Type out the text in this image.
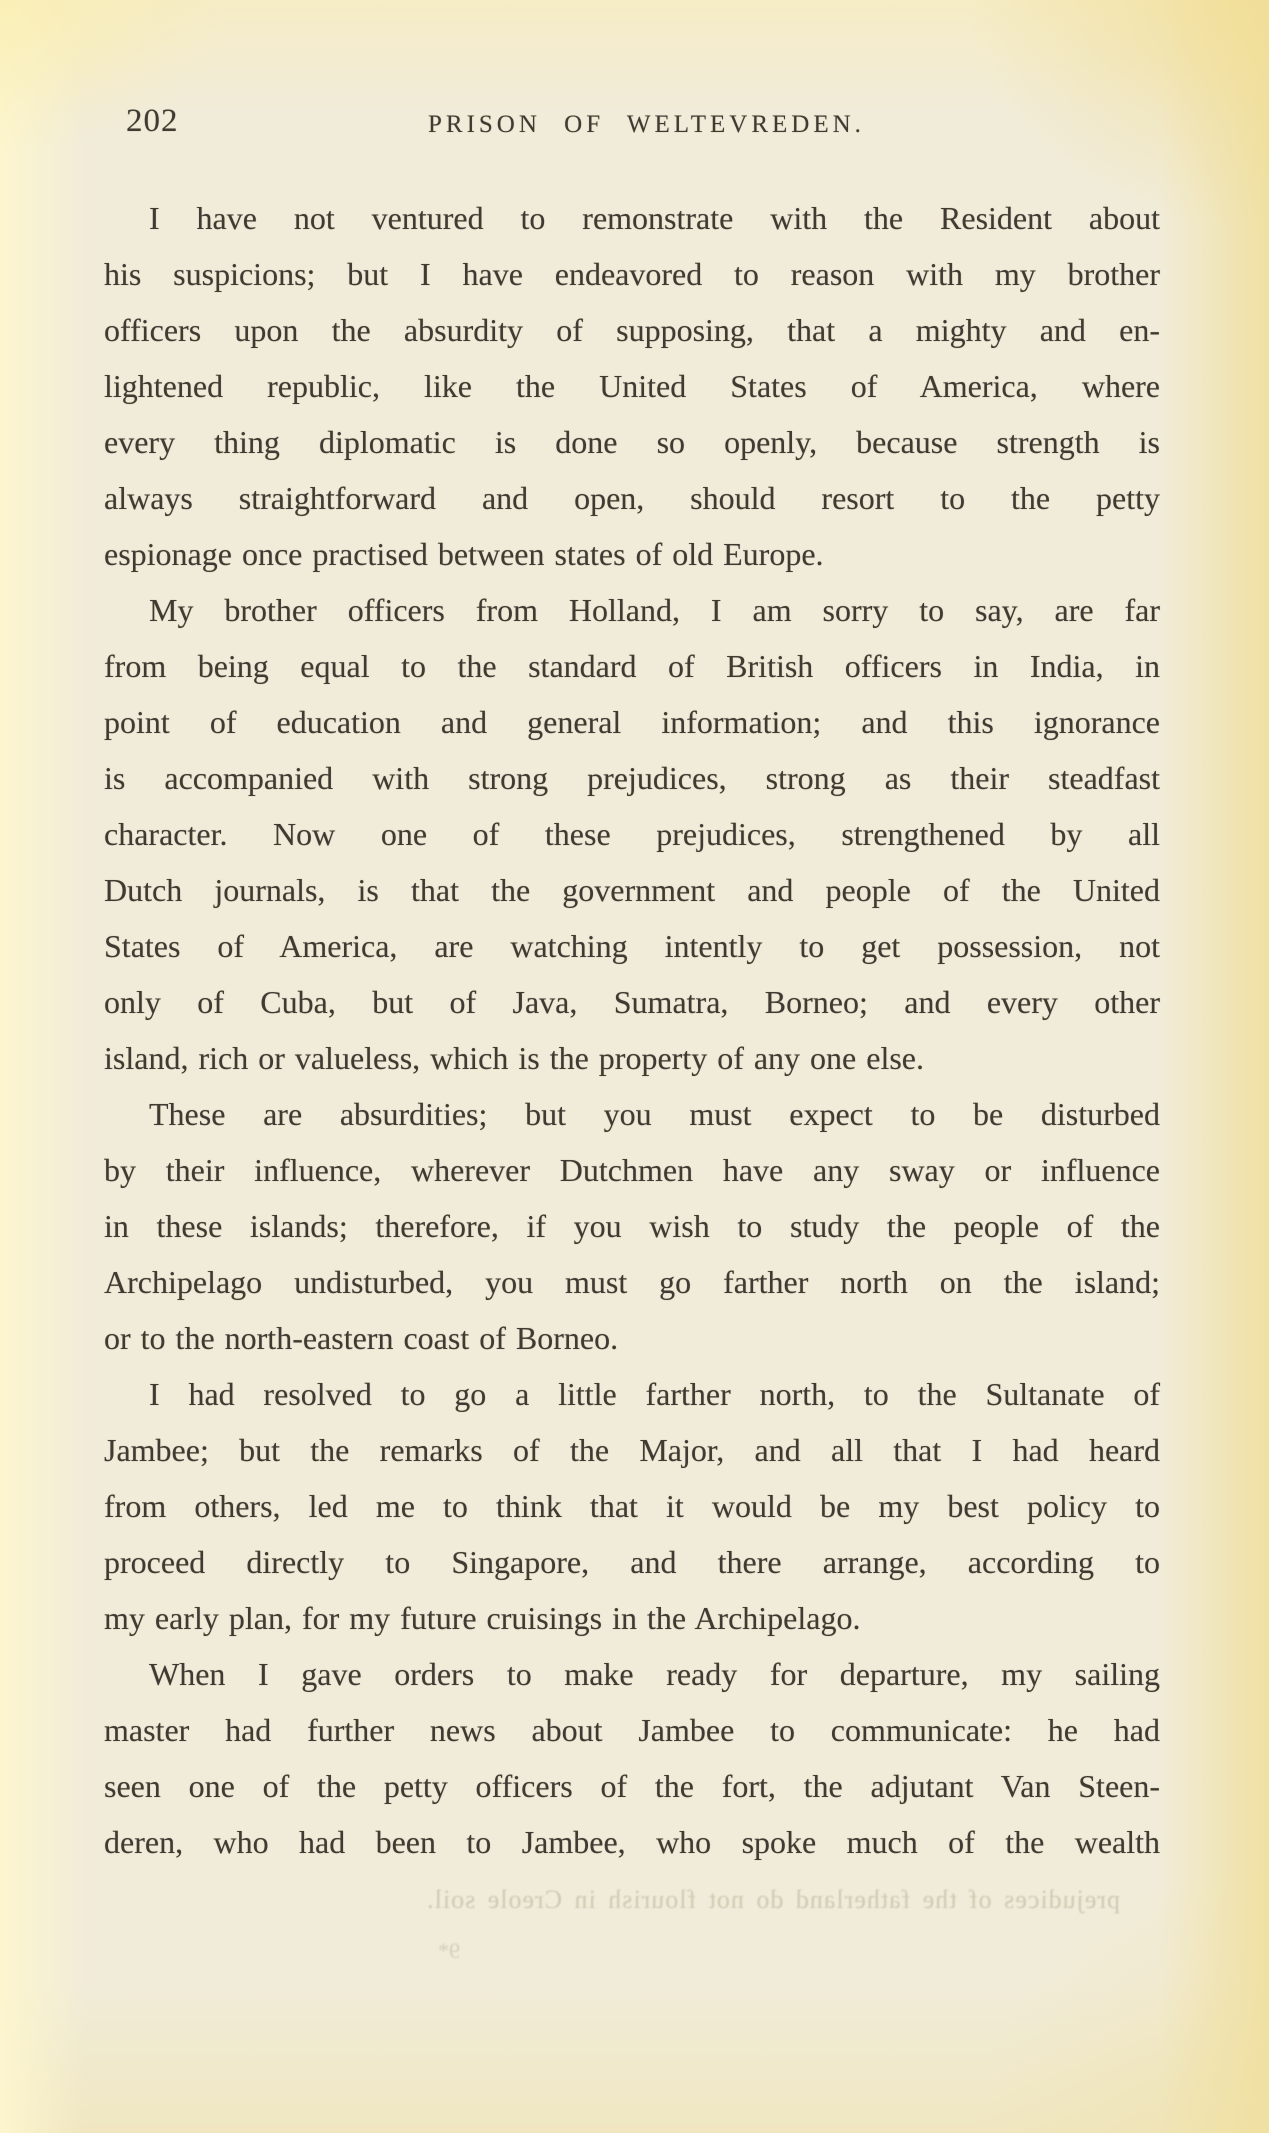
202	PRISON OF WELTEVREDEN.
I have not ventured to remonstrate with the Resident about
his suspicions; but I have endeavored to reason with my brother
officers upon the absurdity of supposing, that a mighty and en-
lightened republic, like the United States of America, where
every thing diplomatic is done so openly, because strength is
always straightforward and open, should resort to the petty
espionage once practised between states of old Europe.
My brother officers from Holland, I am sorry to say, are far
from being equal to the standard of British officers in India, in
point of education and general information; and this ignorance
is accompanied with strong prejudices, strong as their steadfast
character. Now one of these prejudices, strengthened by all
Dutch journals, is that the government and people of the United
States of America, are watching intently to get possession, not
only of Cuba, but of Java, Sumatra, Borneo; and every other
island, rich or valueless, which is the property of any one else.
These are absurdities; but you must expect to be disturbed
by their influence, wherever Dutchmen have any sway or influence
in these islands; therefore, if you wish to study the people of the
Archipelago undisturbed, you must go farther north on the island;
or to the north-eastern coast of Borneo.
I had resolved to go a little farther north, to the Sultanate of
Jambee; but the remarks of the Major, and all that I had heard
from others, led me to think that it would be my best policy to
proceed directly to Singapore, and there arrange, according to
my early plan, for my future cruisings in the Archipelago.
When I gave orders to make ready for departure, my sailing
master had further news about Jambee to communicate: he had
seen one of the petty officers of the fort, the adjutant Van Steen-
deren, who had been to Jambee, who spoke much of the wealth
prejudices of the fatherland do not flourish in Creole soil.
9*
